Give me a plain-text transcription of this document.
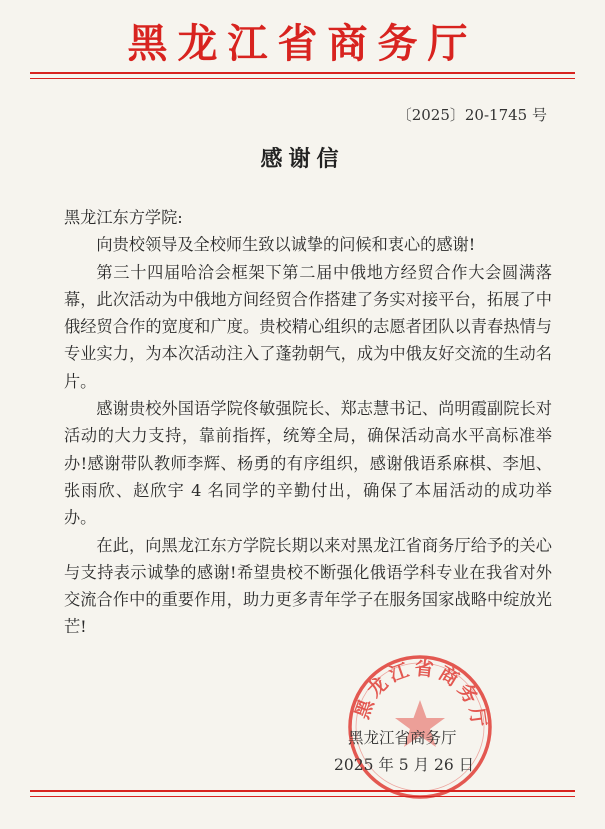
黑龙江省商务厅
〔2025〕20-1745 号
感谢信

黑龙江东方学院:

向贵校领导及全校师生致以诚挚的问候和衷心的感谢!

第三十四届哈洽会框架下第二届中俄地方经贸合作大会圆满落幕，此次活动为中俄地方间经贸合作搭建了务实对接平台，拓展了中俄经贸合作的宽度和广度。贵校精心组织的志愿者团队以青春热情与专业实力，为本次活动注入了蓬勃朝气，成为中俄友好交流的生动名片。

感谢贵校外国语学院佟敏强院长、郑志慧书记、尚明霞副院长对活动的大力支持，靠前指挥，统筹全局，确保活动高水平高标准举办!感谢带队教师李辉、杨勇的有序组织，感谢俄语系麻棋、李旭、张雨欣、赵欣宇 4 名同学的辛勤付出，确保了本届活动的成功举办。

在此，向黑龙江东方学院长期以来对黑龙江省商务厅给予的关心与支持表示诚挚的感谢!希望贵校不断强化俄语学科专业在我省对外交流合作中的重要作用，助力更多青年学子在服务国家战略中绽放光芒!

黑龙江省商务厅
黑龙江省商务厅
2025 年 5 月 26 日
